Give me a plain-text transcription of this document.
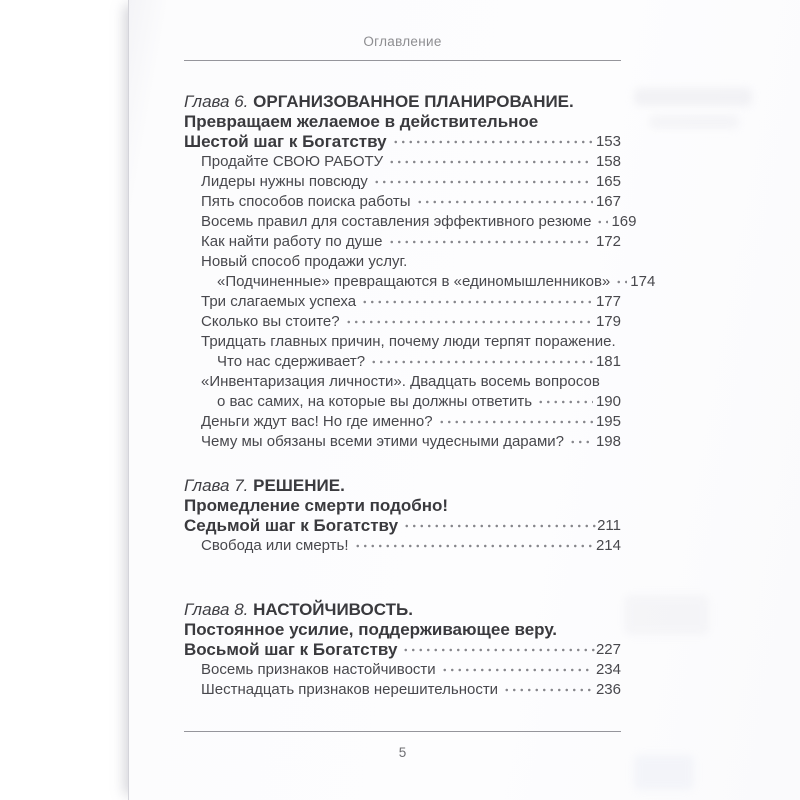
Оглавление
Глава 6. ОРГАНИЗОВАННОЕ ПЛАНИРОВАНИЕ.
Превращаем желаемое в действительное
Шестой шаг к Богатству	153
Продайте СВОЮ РАБОТУ	158
Лидеры нужны повсюду	165
Пять способов поиска работы	167
Восемь правил для составления эффективного резюме 169
Как найти работу по душе	172
Новый способ продажи услуг.
«Подчиненные» превращаются в «единомышленников» 174
Три слагаемых успеха	177
Сколько вы стоите?	179
Тридцать главных причин, почему люди терпят поражение.
Что нас сдерживает?	181
«Инвентаризация личности». Двадцать восемь вопросов
о вас самих, на которые вы должны ответить	190
Деньги ждут вас! Но где именно?	195
Чему мы обязаны всеми этими чудесными дарами? 198
Глава 7. РЕШЕНИЕ.
Промедление смерти подобно!
Седьмой шаг к Богатству	211
Свобода или смерть!	214
Глава 8. НАСТОЙЧИВОСТЬ.
Постоянное усилие, поддерживающее веру.
Восьмой шаг к Богатству	227
Восемь признаков настойчивости	234
Шестнадцать признаков нерешительности	236
5
